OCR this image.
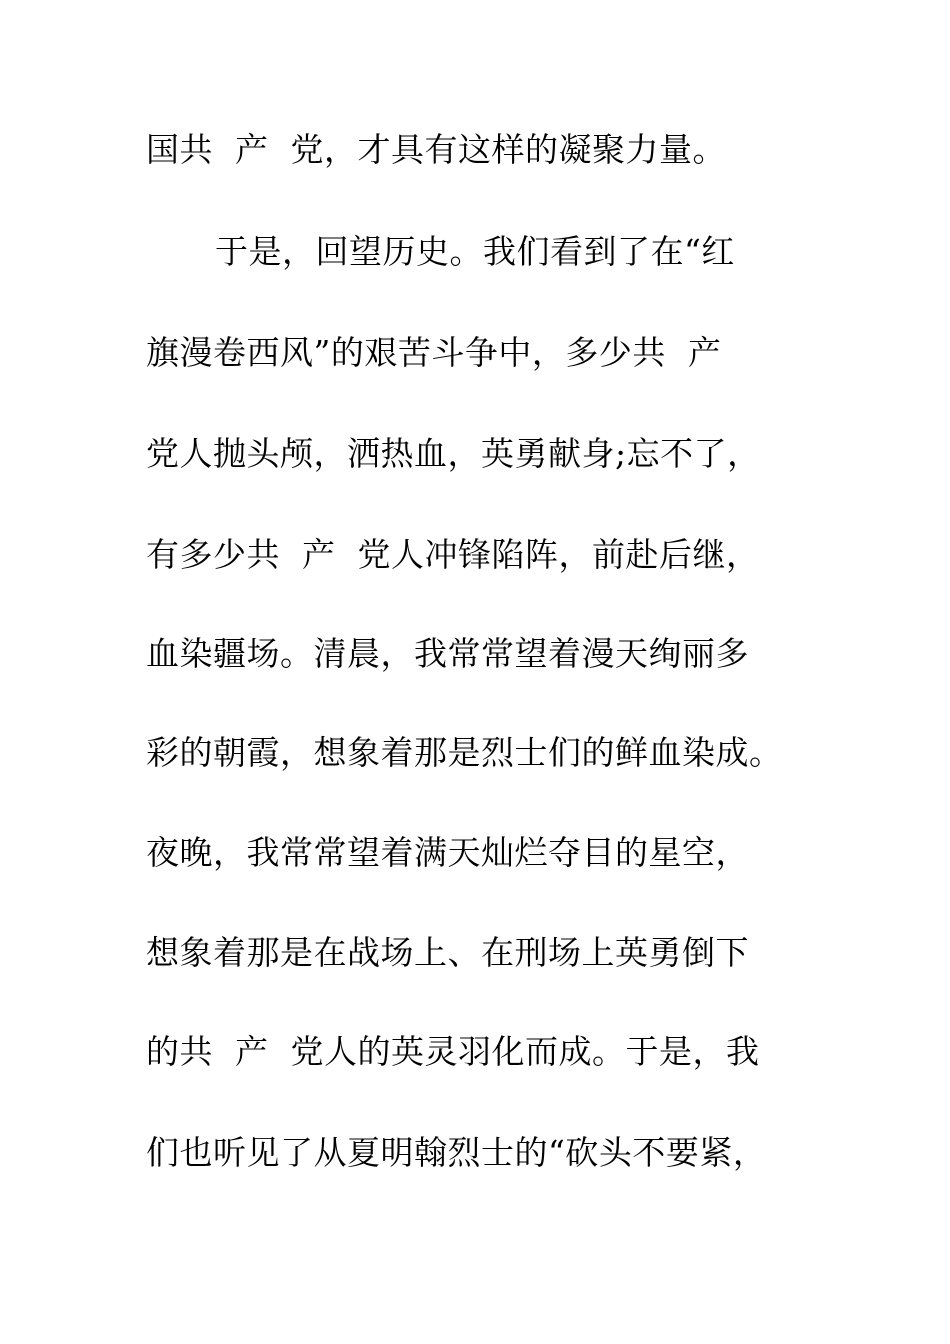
国共  产  党，才具有这样的凝聚力量。
于是，回望历史。我们看到了在“红
旗漫卷西风”的艰苦斗争中，多少共  产
党人抛头颅，洒热血，英勇献身;忘不了，
有多少共  产  党人冲锋陷阵，前赴后继，
血染疆场。清晨，我常常望着漫天绚丽多
彩的朝霞，想象着那是烈士们的鲜血染成。
夜晚，我常常望着满天灿烂夺目的星空，
想象着那是在战场上、在刑场上英勇倒下
的共  产  党人的英灵羽化而成。于是，我
们也听见了从夏明翰烈士的“砍头不要紧，
